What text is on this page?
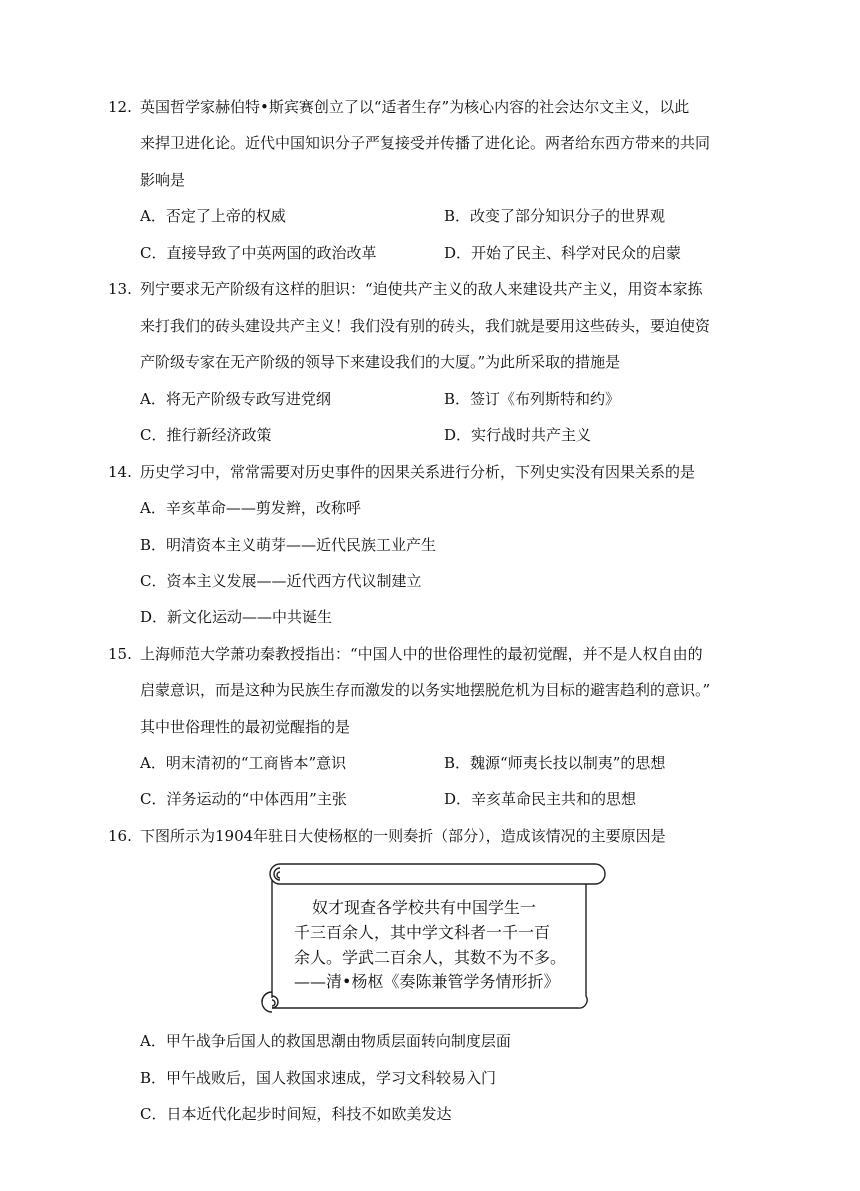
12. 英国哲学家赫伯特•斯宾赛创立了以“适者生存”为核心内容的社会达尔文主义，以此
来捍卫进化论。近代中国知识分子严复接受并传播了进化论。两者给东西方带来的共同
影响是
A．否定了上帝的权威	B．改变了部分知识分子的世界观
C．直接导致了中英两国的政治改革	D．开始了民主、科学对民众的启蒙
13. 列宁要求无产阶级有这样的胆识：“迫使共产主义的敌人来建设共产主义，用资本家拣
来打我们的砖头建设共产主义！我们没有别的砖头，我们就是要用这些砖头，要迫使资
产阶级专家在无产阶级的领导下来建设我们的大厦。”为此所采取的措施是
A．将无产阶级专政写进党纲	B．签订《布列斯特和约》
C．推行新经济政策	D．实行战时共产主义
14. 历史学习中，常常需要对历史事件的因果关系进行分析，下列史实没有因果关系的是
A．辛亥革命——剪发辫，改称呼
B．明清资本主义萌芽——近代民族工业产生
C．资本主义发展——近代西方代议制建立
D．新文化运动——中共诞生
15. 上海师范大学萧功秦教授指出：“中国人中的世俗理性的最初觉醒，并不是人权自由的
启蒙意识，而是这种为民族生存而激发的以务实地摆脱危机为目标的避害趋利的意识。”
其中世俗理性的最初觉醒指的是
A．明末清初的“工商皆本”意识	B．魏源“师夷长技以制夷”的思想
C．洋务运动的“中体西用”主张	D．辛亥革命民主共和的思想
16. 下图所示为1904年驻日大使杨枢的一则奏折（部分），造成该情况的主要原因是
奴才现查各学校共有中国学生一
千三百余人，其中学文科者一千一百
余人。学武二百余人，其数不为不多。
——清•杨枢《奏陈兼管学务情形折》
A．甲午战争后国人的救国思潮由物质层面转向制度层面
B．甲午战败后，国人救国求速成，学习文科较易入门
C．日本近代化起步时间短，科技不如欧美发达
